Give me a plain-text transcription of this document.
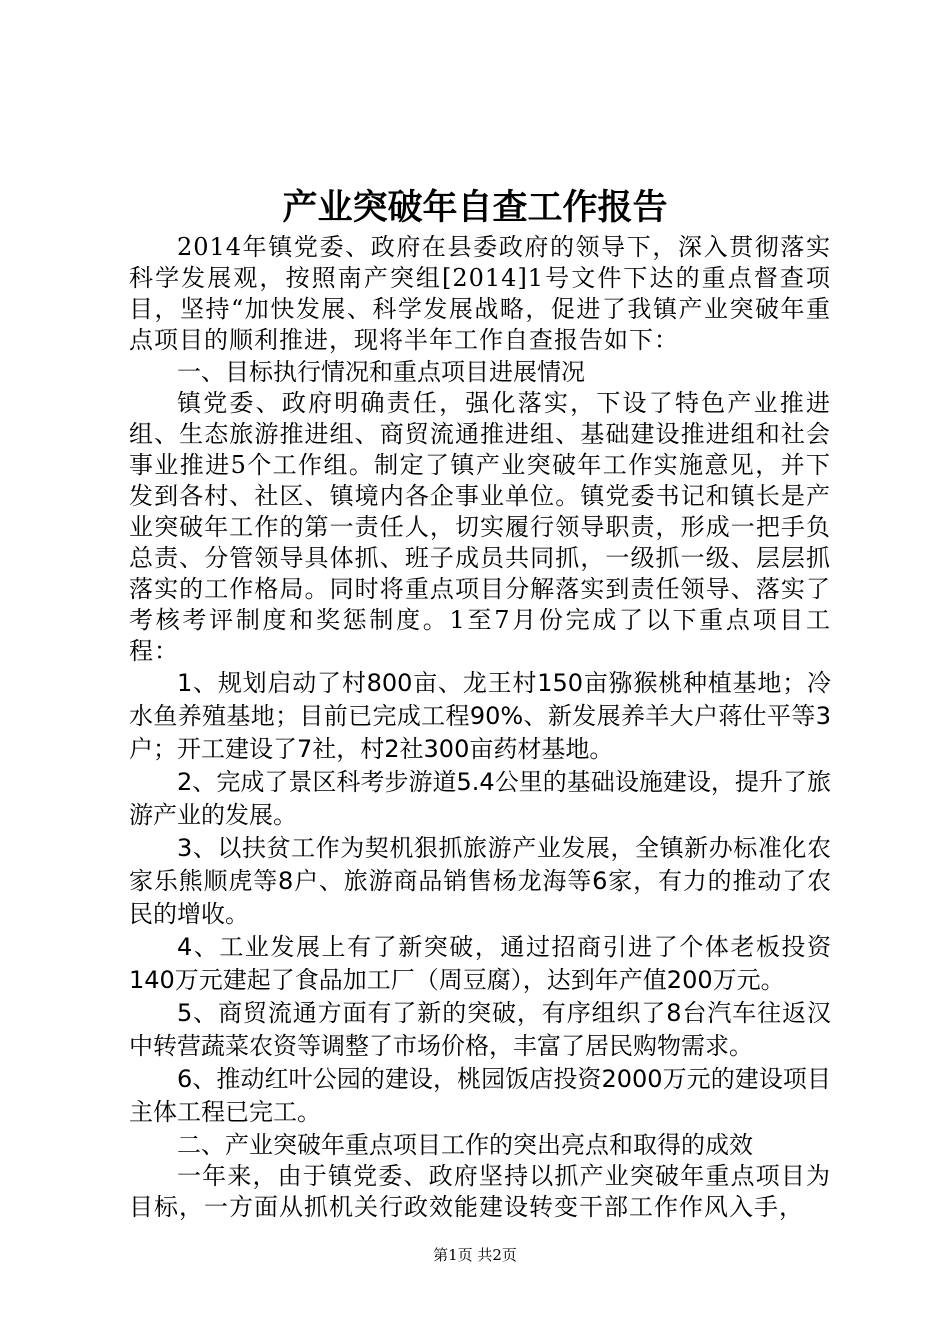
产业突破年自查工作报告

2014年镇党委、政府在县委政府的领导下，深入贯彻落实科学发展观，按照南产突组[2014]1号文件下达的重点督查项目，坚持“加快发展、科学发展战略，促进了我镇产业突破年重点项目的顺利推进，现将半年工作自查报告如下：

一、目标执行情况和重点项目进展情况

镇党委、政府明确责任，强化落实，下设了特色产业推进组、生态旅游推进组、商贸流通推进组、基础建设推进组和社会事业推进5个工作组。制定了镇产业突破年工作实施意见，并下发到各村、社区、镇境内各企事业单位。镇党委书记和镇长是产业突破年工作的第一责任人，切实履行领导职责，形成一把手负总责、分管领导具体抓、班子成员共同抓，一级抓一级、层层抓落实的工作格局。同时将重点项目分解落实到责任领导、落实了考核考评制度和奖惩制度。1至7月份完成了以下重点项目工程：

1、规划启动了村800亩、龙王村150亩猕猴桃种植基地；冷水鱼养殖基地；目前已完成工程90%、新发展养羊大户蒋仕平等3户；开工建设了7社，村2社300亩药材基地。

2、完成了景区科考步游道5.4公里的基础设施建设，提升了旅游产业的发展。

3、以扶贫工作为契机狠抓旅游产业发展，全镇新办标准化农家乐熊顺虎等8户、旅游商品销售杨龙海等6家，有力的推动了农民的增收。

4、工业发展上有了新突破，通过招商引进了个体老板投资140万元建起了食品加工厂（周豆腐），达到年产值200万元。

5、商贸流通方面有了新的突破，有序组织了8台汽车往返汉中转营蔬菜农资等调整了市场价格，丰富了居民购物需求。

6、推动红叶公园的建设，桃园饭店投资2000万元的建设项目主体工程已完工。

二、产业突破年重点项目工作的突出亮点和取得的成效

一年来，由于镇党委、政府坚持以抓产业突破年重点项目为目标，一方面从抓机关行政效能建设转变干部工作作风入手，

第1页 共2页
